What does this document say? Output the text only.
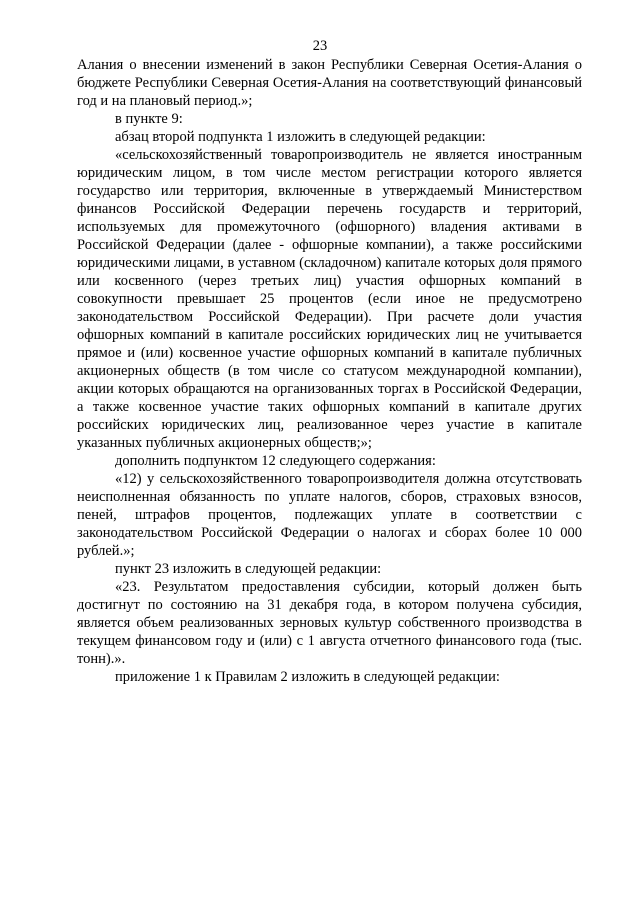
23

Алания о внесении изменений в закон Республики Северная Осетия-Алания о бюджете Республики Северная Осетия-Алания на соответствующий финансовый год и на плановый период.»;

в пункте 9:

абзац второй подпункта 1 изложить в следующей редакции:

«сельскохозяйственный товаропроизводитель не является иностранным юридическим лицом, в том числе местом регистрации которого является государство или территория, включенные в утверждаемый Министерством финансов Российской Федерации перечень государств и территорий, используемых для промежуточного (офшорного) владения активами в Российской Федерации (далее - офшорные компании), а также российскими юридическими лицами, в уставном (складочном) капитале которых доля прямого или косвенного (через третьих лиц) участия офшорных компаний в совокупности превышает 25 процентов (если иное не предусмотрено законодательством Российской Федерации). При расчете доли участия офшорных компаний в капитале российских юридических лиц не учитывается прямое и (или) косвенное участие офшорных компаний в капитале публичных акционерных обществ (в том числе со статусом международной компании), акции которых обращаются на организованных торгах в Российской Федерации, а также косвенное участие таких офшорных компаний в капитале других российских юридических лиц, реализованное через участие в капитале указанных публичных акционерных обществ;»;

дополнить подпунктом 12 следующего содержания:

«12) у сельскохозяйственного товаропроизводителя должна отсутствовать неисполненная обязанность по уплате налогов, сборов, страховых взносов, пеней, штрафов процентов, подлежащих уплате в соответствии с законодательством Российской Федерации о налогах и сборах более 10 000 рублей.»;

пункт 23 изложить в следующей редакции:

«23. Результатом предоставления субсидии, который должен быть достигнут по состоянию на 31 декабря года, в котором получена субсидия, является объем реализованных зерновых культур собственного производства в текущем финансовом году и (или) с 1 августа отчетного финансового года (тыс. тонн).».

приложение 1 к Правилам 2 изложить в следующей редакции:
